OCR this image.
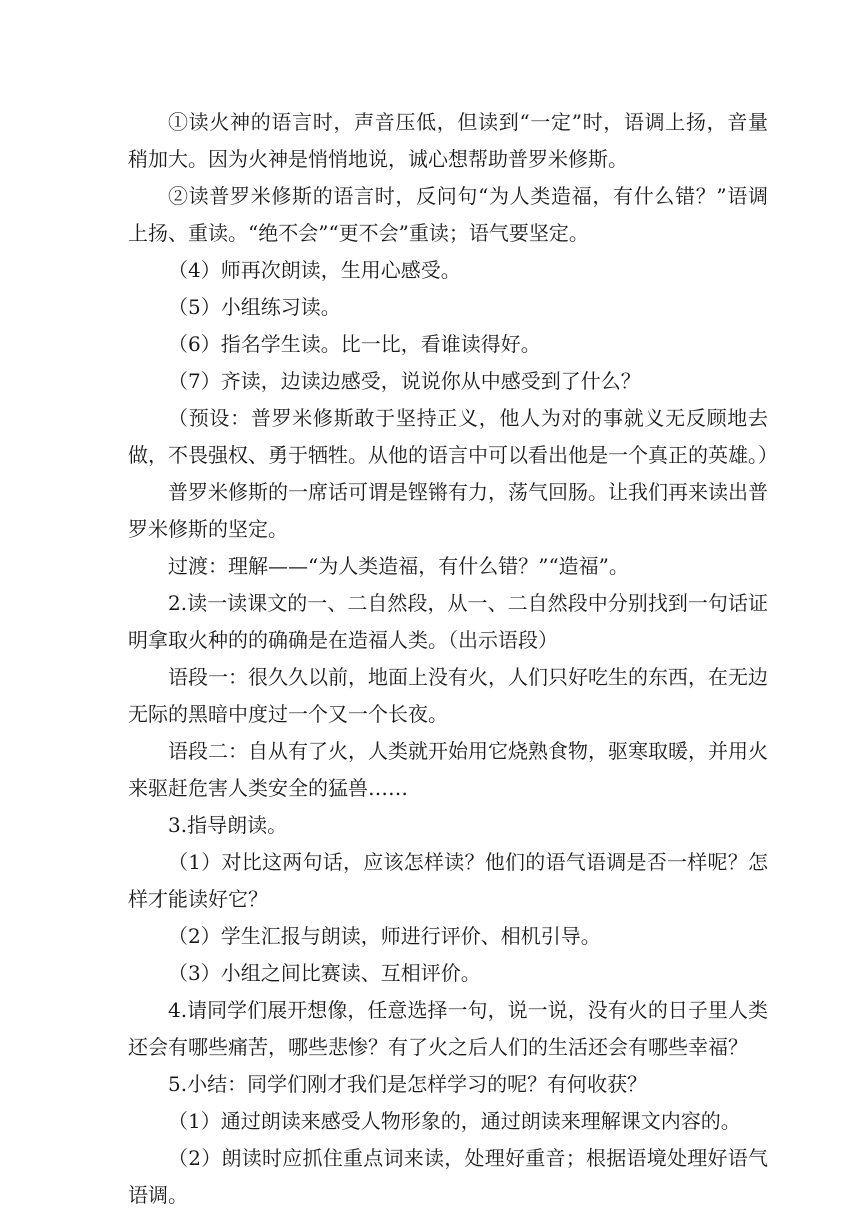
①读火神的语言时，声音压低，但读到“一定”时，语调上扬，音量稍加大。因为火神是悄悄地说，诚心想帮助普罗米修斯。

②读普罗米修斯的语言时，反问句“为人类造福，有什么错？”语调上扬、重读。“绝不会”“更不会”重读；语气要坚定。

（4）师再次朗读，生用心感受。

（5）小组练习读。

（6）指名学生读。比一比，看谁读得好。

（7）齐读，边读边感受，说说你从中感受到了什么？

（预设：普罗米修斯敢于坚持正义，他人为对的事就义无反顾地去做，不畏强权、勇于牺牲。从他的语言中可以看出他是一个真正的英雄。）

普罗米修斯的一席话可谓是铿锵有力，荡气回肠。让我们再来读出普罗米修斯的坚定。

过渡：理解——“为人类造福，有什么错？”“造福”。

2.读一读课文的一、二自然段，从一、二自然段中分别找到一句话证明拿取火种的的确确是在造福人类。（出示语段）

语段一：很久久以前，地面上没有火，人们只好吃生的东西，在无边无际的黑暗中度过一个又一个长夜。

语段二：自从有了火，人类就开始用它烧熟食物，驱寒取暖，并用火来驱赶危害人类安全的猛兽……

3.指导朗读。

（1）对比这两句话，应该怎样读？他们的语气语调是否一样呢？怎样才能读好它？

（2）学生汇报与朗读，师进行评价、相机引导。

（3）小组之间比赛读、互相评价。

4.请同学们展开想像，任意选择一句，说一说，没有火的日子里人类还会有哪些痛苦，哪些悲惨？有了火之后人们的生活还会有哪些幸福？

5.小结：同学们刚才我们是怎样学习的呢？有何收获？

（1）通过朗读来感受人物形象的，通过朗读来理解课文内容的。

（2）朗读时应抓住重点词来读，处理好重音；根据语境处理好语气语调。
